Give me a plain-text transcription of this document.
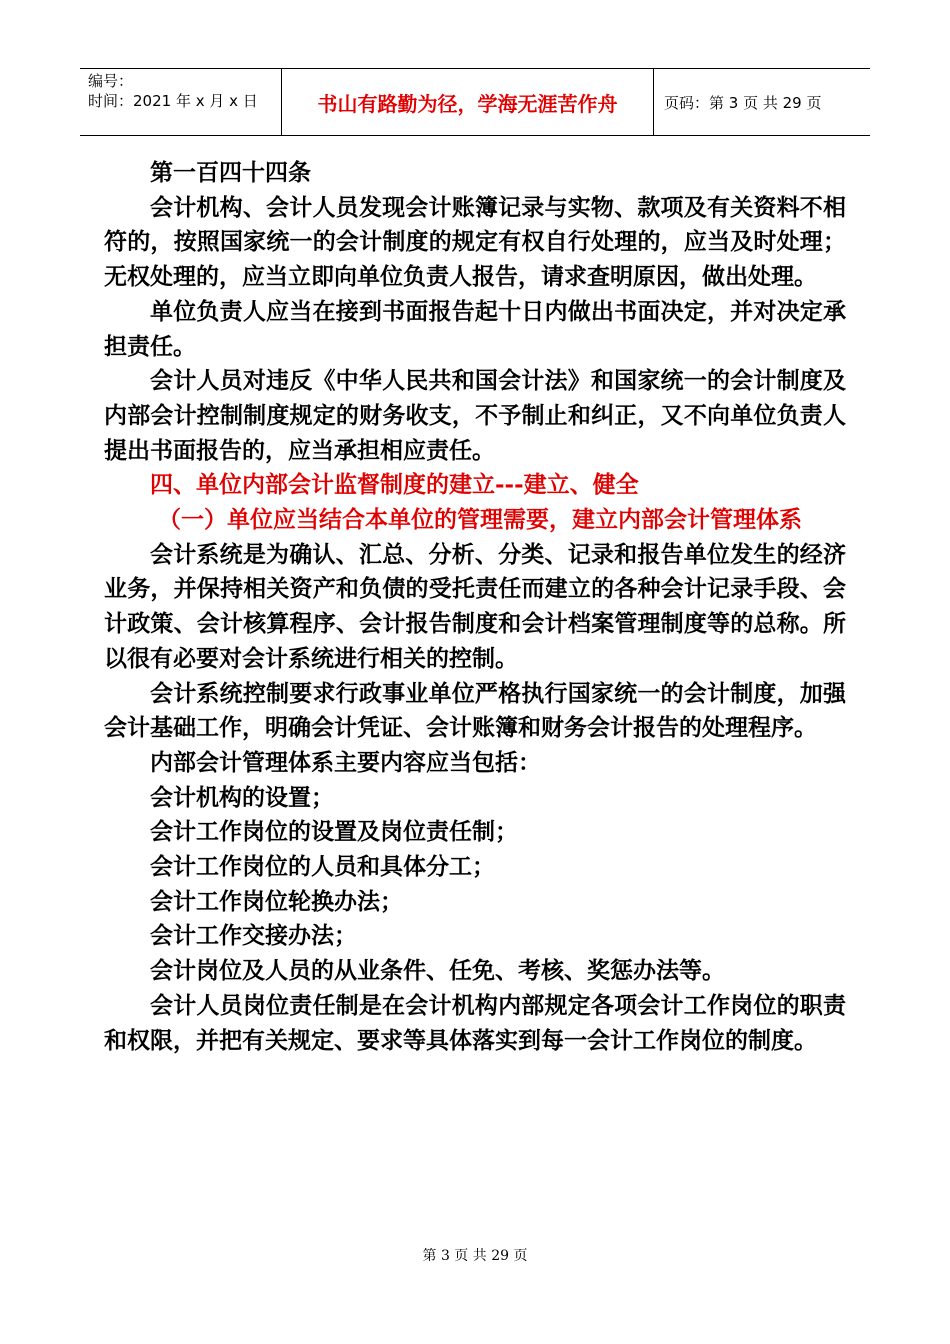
编号：
时间：2021 年 x 月 x 日	书山有路勤为径，学海无涯苦作舟	页码：第 3 页 共 29 页

第一百四十四条

会计机构、会计人员发现会计账簿记录与实物、款项及有关资料不相符的，按照国家统一的会计制度的规定有权自行处理的，应当及时处理；无权处理的，应当立即向单位负责人报告，请求查明原因，做出处理。

单位负责人应当在接到书面报告起十日内做出书面决定，并对决定承担责任。

会计人员对违反《中华人民共和国会计法》和国家统一的会计制度及内部会计控制制度规定的财务收支，不予制止和纠正，又不向单位负责人提出书面报告的，应当承担相应责任。

四、单位内部会计监督制度的建立---建立、健全

（一）单位应当结合本单位的管理需要，建立内部会计管理体系

会计系统是为确认、汇总、分析、分类、记录和报告单位发生的经济业务，并保持相关资产和负债的受托责任而建立的各种会计记录手段、会计政策、会计核算程序、会计报告制度和会计档案管理制度等的总称。所以很有必要对会计系统进行相关的控制。

会计系统控制要求行政事业单位严格执行国家统一的会计制度，加强会计基础工作，明确会计凭证、会计账簿和财务会计报告的处理程序。

内部会计管理体系主要内容应当包括：

会计机构的设置；

会计工作岗位的设置及岗位责任制；

会计工作岗位的人员和具体分工；

会计工作岗位轮换办法；

会计工作交接办法；

会计岗位及人员的从业条件、任免、考核、奖惩办法等。

会计人员岗位责任制是在会计机构内部规定各项会计工作岗位的职责和权限，并把有关规定、要求等具体落实到每一会计工作岗位的制度。

第 3 页 共 29 页
